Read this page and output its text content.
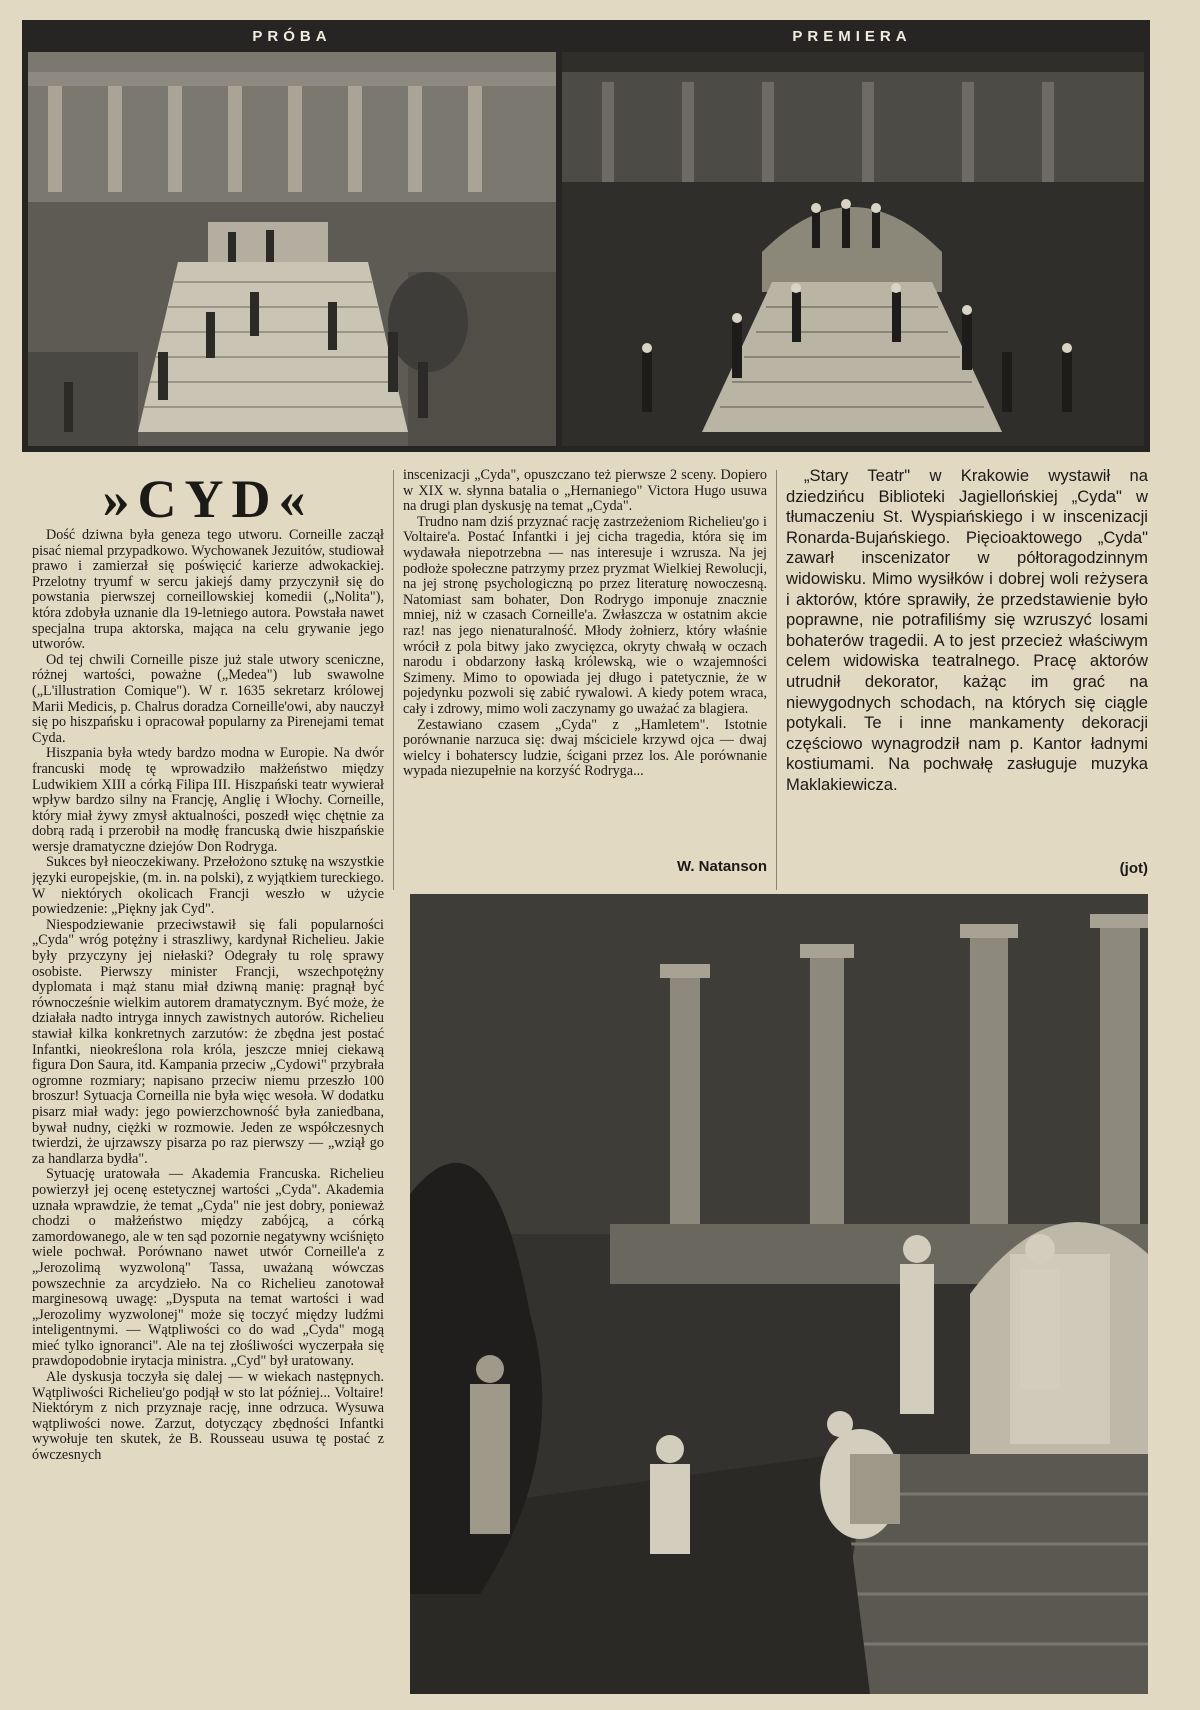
PRÓBA	PREMIERA
»CYD«

Dość dziwna była geneza tego utworu. Corneille zaczął pisać niemal przypadkowo. Wychowanek Jezuitów, studiował prawo i zamierzał się poświęcić karierze adwokackiej. Przelotny tryumf w sercu jakiejś damy przyczynił się do powstania pierwszej corneillowskiej komedii („Nolita"), która zdobyła uznanie dla 19-letniego autora. Powstała nawet specjalna trupa aktorska, mająca na celu grywanie jego utworów.

Od tej chwili Corneille pisze już stale utwory sceniczne, różnej wartości, poważne („Medea") lub swawolne („L'illustration Comique"). W r. 1635 sekretarz królowej Marii Medicis, p. Chalrus doradza Corneille'owi, aby nauczył się po hiszpańsku i opracował popularny za Pirenejami temat Cyda.

Hiszpania była wtedy bardzo modna w Europie. Na dwór francuski modę tę wprowadziło małżeństwo między Ludwikiem XIII a córką Filipa III. Hiszpański teatr wywierał wpływ bardzo silny na Francję, Anglię i Włochy. Corneille, który miał żywy zmysł aktualności, poszedł więc chętnie za dobrą radą i przerobił na modłę francuską dwie hiszpańskie wersje dramatyczne dziejów Don Rodryga.

Sukces był nieoczekiwany. Przełożono sztukę na wszystkie języki europejskie, (m. in. na polski), z wyjątkiem tureckiego. W niektórych okolicach Francji weszło w użycie powiedzenie: „Piękny jak Cyd".

Niespodziewanie przeciwstawił się fali popularności „Cyda" wróg potężny i straszliwy, kardynał Richelieu. Jakie były przyczyny jej niełaski? Odegrały tu rolę sprawy osobiste. Pierwszy minister Francji, wszechpotężny dyplomata i mąż stanu miał dziwną manię: pragnął być równocześnie wielkim autorem dramatycznym. Być może, że działała nadto intryga innych zawistnych autorów. Richelieu stawiał kilka konkretnych zarzutów: że zbędna jest postać Infantki, nieokreślona rola króla, jeszcze mniej ciekawą figura Don Saura, itd. Kampania przeciw „Cydowi" przybrała ogromne rozmiary; napisano przeciw niemu przeszło 100 broszur! Sytuacja Corneilla nie była więc wesoła. W dodatku pisarz miał wady: jego powierzchowność była zaniedbana, bywał nudny, ciężki w rozmowie. Jeden ze współczesnych twierdzi, że ujrzawszy pisarza po raz pierwszy — „wziął go za handlarza bydła".

Sytuację uratowała — Akademia Francuska. Richelieu powierzył jej ocenę estetycznej wartości „Cyda". Akademia uznała wprawdzie, że temat „Cyda" nie jest dobry, ponieważ chodzi o małżeństwo między zabójcą, a córką zamordowanego, ale w ten sąd pozornie negatywny wciśnięto wiele pochwał. Porównano nawet utwór Corneille'a z „Jerozolimą wyzwoloną" Tassa, uważaną wówczas powszechnie za arcydzieło. Na co Richelieu zanotował marginesową uwagę: „Dysputa na temat wartości i wad „Jerozolimy wyzwolonej" może się toczyć między ludźmi inteligentnymi. — Wątpliwości co do wad „Cyda" mogą mieć tylko ignoranci". Ale na tej złośliwości wyczerpała się prawdopodobnie irytacja ministra. „Cyd" był uratowany.

Ale dyskusja toczyła się dalej — w wiekach następnych. Wątpliwości Richelieu'go podjął w sto lat później... Voltaire! Niektórym z nich przyznaje rację, inne odrzuca. Wysuwa wątpliwości nowe. Zarzut, dotyczący zbędności Infantki wywołuje ten skutek, że B. Rousseau usuwa tę postać z ówczesnych

inscenizacji „Cyda", opuszczano też pierwsze 2 sceny. Dopiero w XIX w. słynna batalia o „Hernaniego" Victora Hugo usuwa na drugi plan dyskusję na temat „Cyda".

Trudno nam dziś przyznać rację zastrzeżeniom Richelieu'go i Voltaire'a. Postać Infantki i jej cicha tragedia, która się im wydawała niepotrzebna — nas interesuje i wzrusza. Na jej podłoże społeczne patrzymy przez pryzmat Wielkiej Rewolucji, na jej stronę psychologiczną po przez literaturę nowoczesną. Natomiast sam bohater, Don Rodrygo imponuje znacznie mniej, niż w czasach Corneille'a. Zwłaszcza w ostatnim akcie raz! nas jego nienaturalność. Młody żołnierz, który właśnie wrócił z pola bitwy jako zwycięzca, okryty chwałą w oczach narodu i obdarzony łaską królewską, wie o wzajemności Szimeny. Mimo to opowiada jej długo i patetycznie, że w pojedynku pozwoli się zabić rywalowi. A kiedy potem wraca, cały i zdrowy, mimo woli zaczynamy go uważać za blagiera.

Zestawiano czasem „Cyda" z „Hamletem". Istotnie porównanie narzuca się: dwaj mściciele krzywd ojca — dwaj wielcy i bohaterscy ludzie, ścigani przez los. Ale porównanie wypada niezupełnie na korzyść Rodryga...

W. Natanson

„Stary Teatr" w Krakowie wystawił na dziedzińcu Biblioteki Jagiellońskiej „Cyda" w tłumaczeniu St. Wyspiańskiego i w inscenizacji Ronarda-Bujańskiego. Pięcioaktowego „Cyda" zawarł inscenizator w półtoragodzinnym widowisku. Mimo wysiłków i dobrej woli reżysera i aktorów, które sprawiły, że przedstawienie było poprawne, nie potrafiliśmy się wzruszyć losami bohaterów tragedii. A to jest przecież właściwym celem widowiska teatralnego. Pracę aktorów utrudnił dekorator, każąc im grać na niewygodnych schodach, na których się ciągle potykali. Te i inne mankamenty dekoracji częściowo wynagrodził nam p. Kantor ładnymi kostiumami. Na pochwałę zasługuje muzyka Maklakiewicza.

(jot)
